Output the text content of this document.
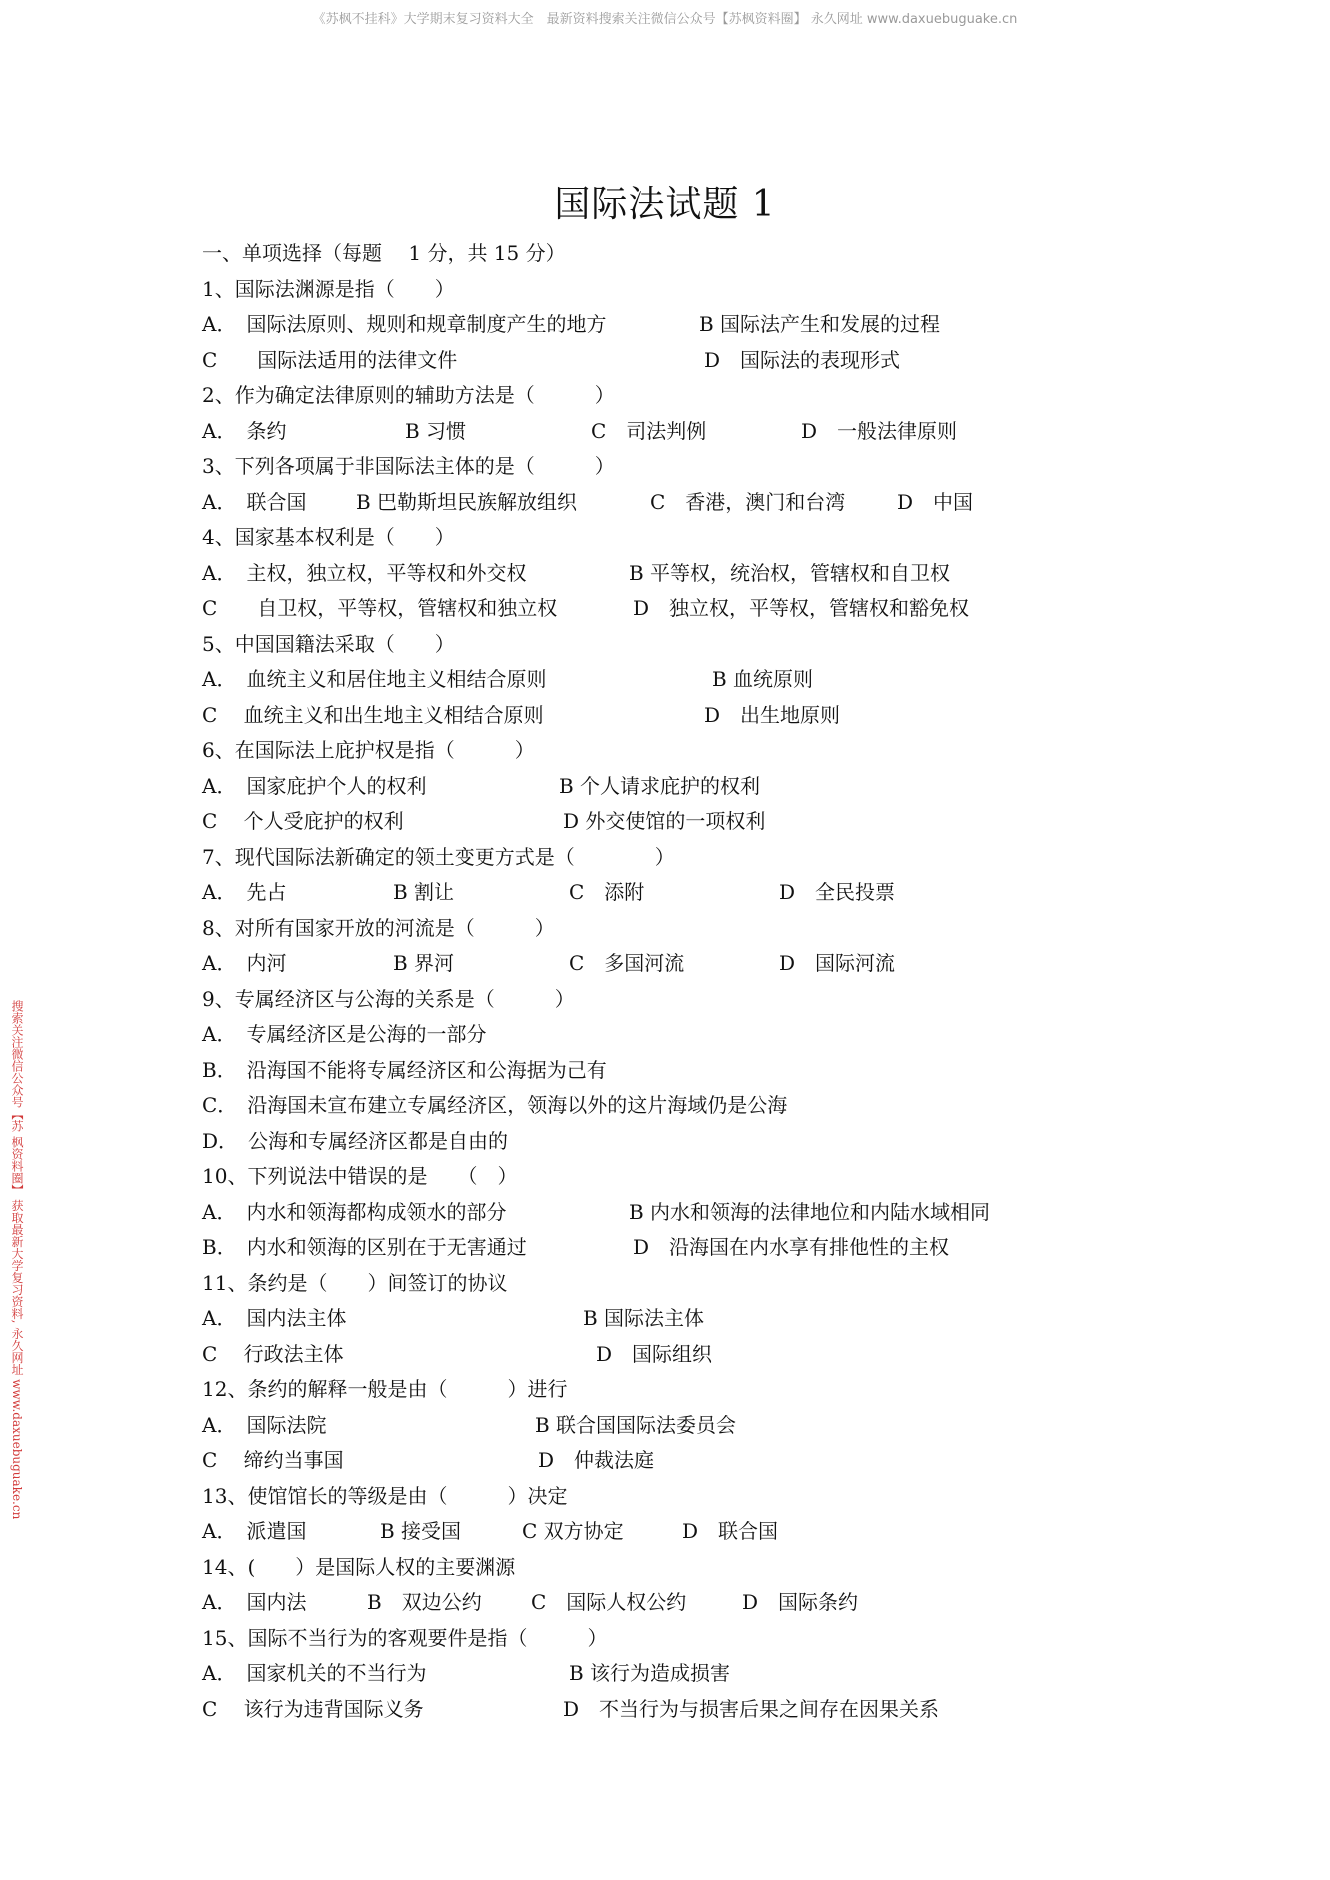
《苏枫不挂科》大学期末复习资料大全　最新资料搜索关注微信公众号【苏枫资料圈】 永久网址 www.daxuebuguake.cn
搜索关注微信公众号【苏 枫资料圈】 获取最新大学复习资料, 永久网址 www.daxuebuguake.cn
国际法试题 1
一、单项选择（每题　 1 分，共 15 分）
1、国际法渊源是指（　　）
A．　国际法原则、规则和规章制度产生的地方	B 国际法产生和发展的过程
C　　国际法适用的法律文件	D　国际法的表现形式
2、作为确定法律原则的辅助方法是（　　　）
A．　条约	B 习惯	C　司法判例	D　一般法律原则
3、下列各项属于非国际法主体的是（　　　）
A．　联合国 B 巴勒斯坦民族解放组织	C　香港，澳门和台湾	D　中国
4、国家基本权利是（　　）
A．　主权，独立权，平等权和外交权	B 平等权，统治权，管辖权和自卫权
C　　自卫权，平等权，管辖权和独立权	D　独立权，平等权，管辖权和豁免权
5、中国国籍法采取（　　）
A．　血统主义和居住地主义相结合原则	B 血统原则
C　 血统主义和出生地主义相结合原则	D　出生地原则
6、在国际法上庇护权是指（　　　）
A．　国家庇护个人的权利	B 个人请求庇护的权利
C　 个人受庇护的权利	D 外交使馆的一项权利
7、现代国际法新确定的领土变更方式是（　　　　）
A．　先占	B 割让	C　添附	D　全民投票
8、对所有国家开放的河流是（　　　）
A．　内河	B 界河	C　多国河流	D　国际河流
9、专属经济区与公海的关系是（　　　）
A．　专属经济区是公海的一部分
B．　沿海国不能将专属经济区和公海据为己有
C．　沿海国未宣布建立专属经济区，领海以外的这片海域仍是公海
D．　公海和专属经济区都是自由的
10、下列说法中错误的是　　（　）
A．　内水和领海都构成领水的部分	B 内水和领海的法律地位和内陆水域相同
B．　内水和领海的区别在于无害通过	D　沿海国在内水享有排他性的主权
11、条约是（　　）间签订的协议
A．　国内法主体	B 国际法主体
C　 行政法主体	D　国际组织
12、条约的解释一般是由（　　　）进行
A．　国际法院	B 联合国国际法委员会
C　 缔约当事国	D　仲裁法庭
13、使馆馆长的等级是由（　　　）决定
A．　派遣国	B 接受国	C 双方协定	D　联合国
14、(　　）是国际人权的主要渊源
A．　国内法	B　双边公约 C　国际人权公约	D　国际条约
15、国际不当行为的客观要件是指（　　　）
A．　国家机关的不当行为	B 该行为造成损害
C　 该行为违背国际义务	D　不当行为与损害后果之间存在因果关系
